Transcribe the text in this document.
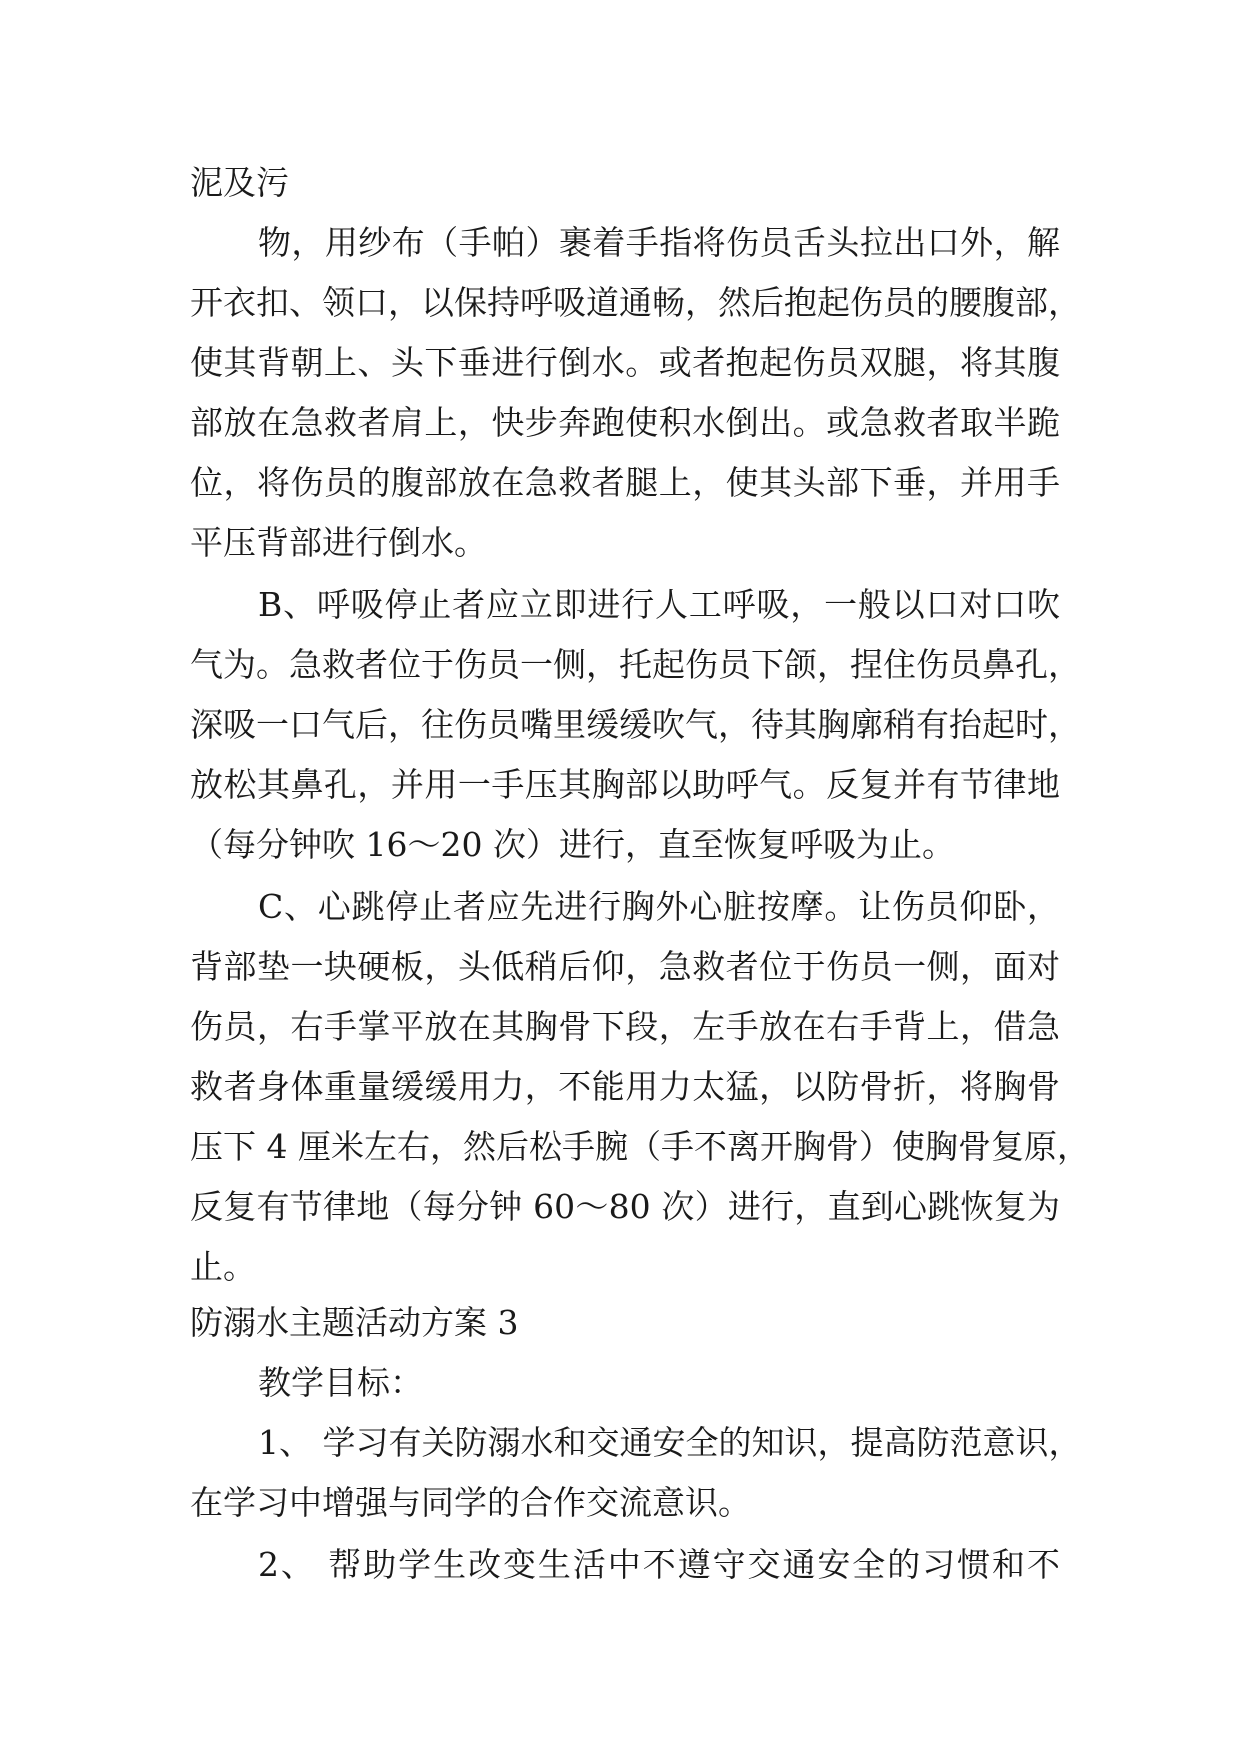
泥及污
物，用纱布（手帕）裹着手指将伤员舌头拉出口外，解
开衣扣、领口，以保持呼吸道通畅，然后抱起伤员的腰腹部，
使其背朝上、头下垂进行倒水。或者抱起伤员双腿，将其腹
部放在急救者肩上，快步奔跑使积水倒出。或急救者取半跪
位，将伤员的腹部放在急救者腿上，使其头部下垂，并用手
平压背部进行倒水。
B、呼吸停止者应立即进行人工呼吸，一般以口对口吹
气为。急救者位于伤员一侧，托起伤员下颌，捏住伤员鼻孔，
深吸一口气后，往伤员嘴里缓缓吹气，待其胸廓稍有抬起时，
放松其鼻孔，并用一手压其胸部以助呼气。反复并有节律地
（每分钟吹 16～20 次）进行，直至恢复呼吸为止。
C、心跳停止者应先进行胸外心脏按摩。让伤员仰卧，
背部垫一块硬板，头低稍后仰，急救者位于伤员一侧，面对
伤员，右手掌平放在其胸骨下段，左手放在右手背上，借急
救者身体重量缓缓用力，不能用力太猛，以防骨折，将胸骨
压下 4 厘米左右，然后松手腕（手不离开胸骨）使胸骨复原，
反复有节律地（每分钟 60～80 次）进行，直到心跳恢复为
止。
防溺水主题活动方案 3
教学目标：
1、 学习有关防溺水和交通安全的知识，提高防范意识，
在学习中增强与同学的合作交流意识。
2、 帮助学生改变生活中不遵守交通安全的习惯和不
